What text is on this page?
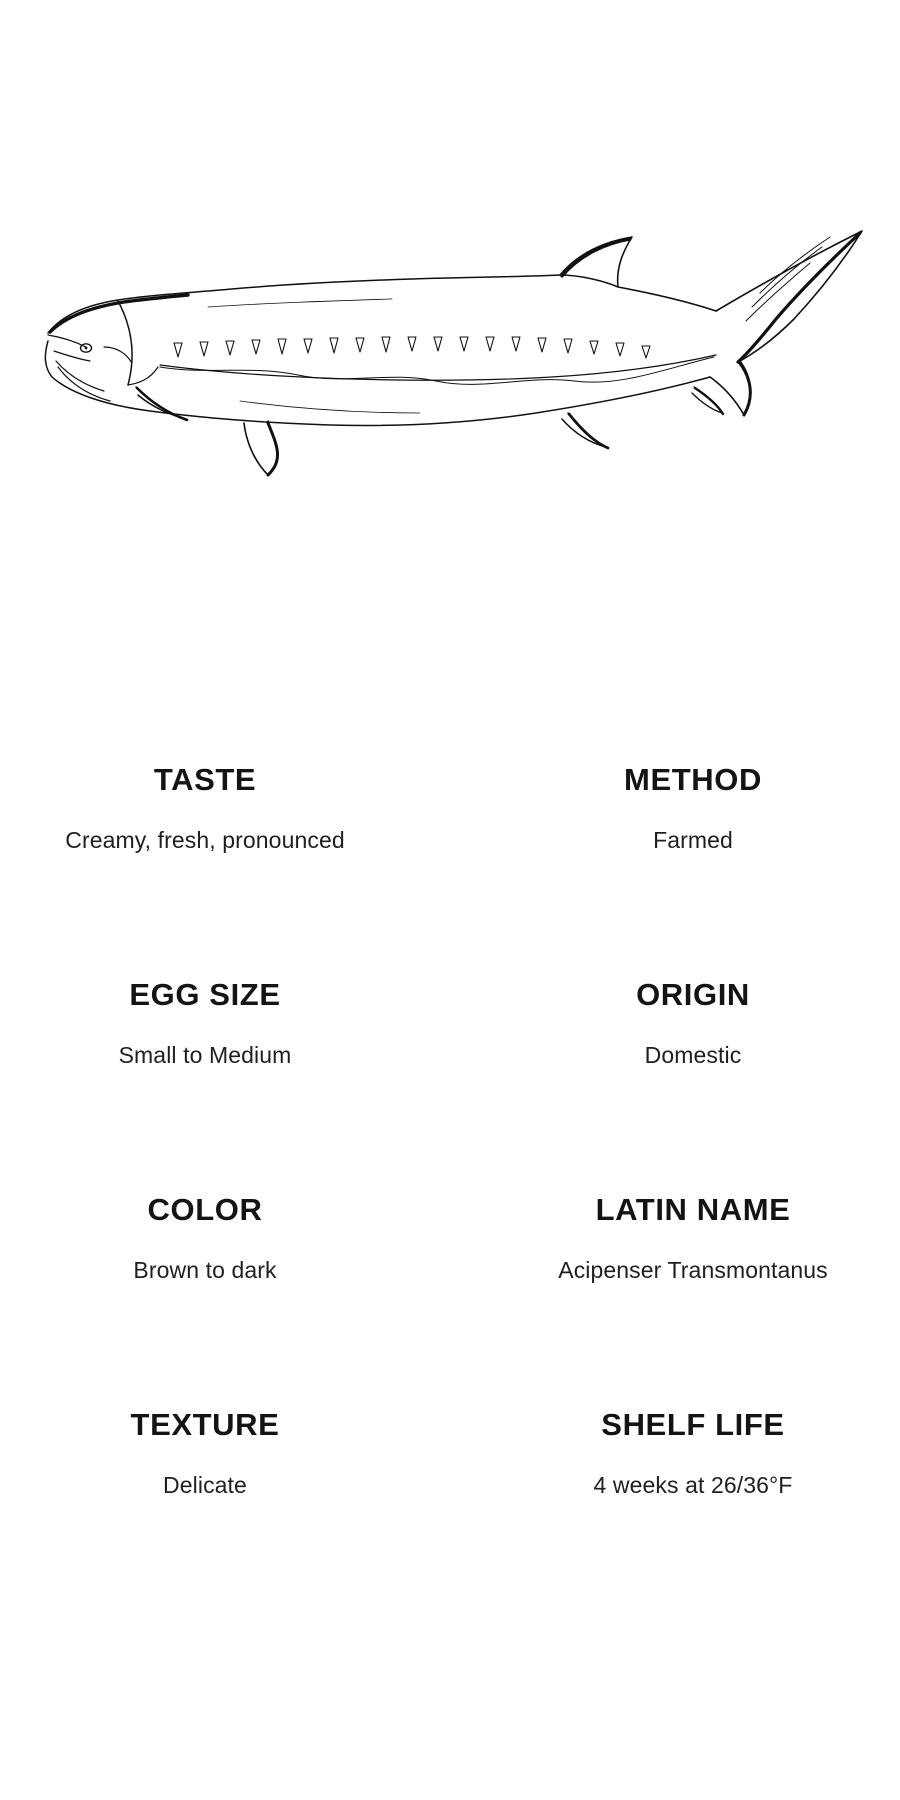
TASTE
Creamy, fresh, pronounced
METHOD
Farmed
EGG SIZE
Small to Medium
ORIGIN
Domestic
COLOR
Brown to dark
LATIN NAME
Acipenser Transmontanus
TEXTURE
Delicate
SHELF LIFE
4 weeks at 26/36°F
